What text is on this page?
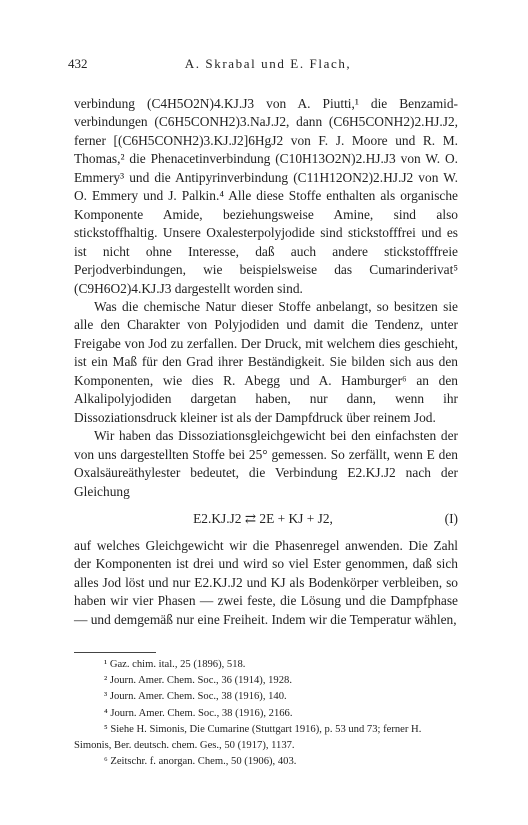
432	A. Skrabal und E. Flach,

verbindung (C4H5O2N)4.KJ.J3 von A. Piutti,¹ die Benzamid-verbindungen (C6H5CONH2)3.NaJ.J2, dann (C6H5CONH2)2.HJ.J2, ferner [(C6H5CONH2)3.KJ.J2]6HgJ2 von F. J. Moore und R. M. Thomas,² die Phenacetinverbindung (C10H13O2N)2.HJ.J3 von W. O. Emmery³ und die Antipyrinverbindung (C11H12ON2)2.HJ.J2 von W. O. Emmery und J. Palkin.⁴ Alle diese Stoffe enthalten als organische Komponente Amide, beziehungsweise Amine, sind also stickstoffhaltig. Unsere Oxalesterpolyjodide sind stickstofffrei und es ist nicht ohne Interesse, daß auch andere stickstofffreie Perjodverbindungen, wie beispielsweise das Cumarinderivat⁵ (C9H6O2)4.KJ.J3 dargestellt worden sind.

Was die chemische Natur dieser Stoffe anbelangt, so besitzen sie alle den Charakter von Polyjodiden und damit die Tendenz, unter Freigabe von Jod zu zerfallen. Der Druck, mit welchem dies geschieht, ist ein Maß für den Grad ihrer Beständigkeit. Sie bilden sich aus den Komponenten, wie dies R. Abegg und A. Hamburger⁶ an den Alkalipolyjodiden dargetan haben, nur dann, wenn ihr Dissoziationsdruck kleiner ist als der Dampfdruck über reinem Jod.

Wir haben das Dissoziationsgleichgewicht bei den einfachsten der von uns dargestellten Stoffe bei 25° gemessen. So zerfällt, wenn E den Oxalsäureäthylester bedeutet, die Verbindung E2.KJ.J2 nach der Gleichung

E2.KJ.J2 ⇄ 2E + KJ + J2,	(I)

auf welches Gleichgewicht wir die Phasenregel anwenden. Die Zahl der Komponenten ist drei und wird so viel Ester genommen, daß sich alles Jod löst und nur E2.KJ.J2 und KJ als Bodenkörper verbleiben, so haben wir vier Phasen — zwei feste, die Lösung und die Dampfphase — und demgemäß nur eine Freiheit. Indem wir die Temperatur wählen,

¹ Gaz. chim. ital., 25 (1896), 518.
² Journ. Amer. Chem. Soc., 36 (1914), 1928.
³ Journ. Amer. Chem. Soc., 38 (1916), 140.
⁴ Journ. Amer. Chem. Soc., 38 (1916), 2166.
⁵ Siehe H. Simonis, Die Cumarine (Stuttgart 1916), p. 53 und 73; ferner H. Simonis, Ber. deutsch. chem. Ges., 50 (1917), 1137.
⁶ Zeitschr. f. anorgan. Chem., 50 (1906), 403.
